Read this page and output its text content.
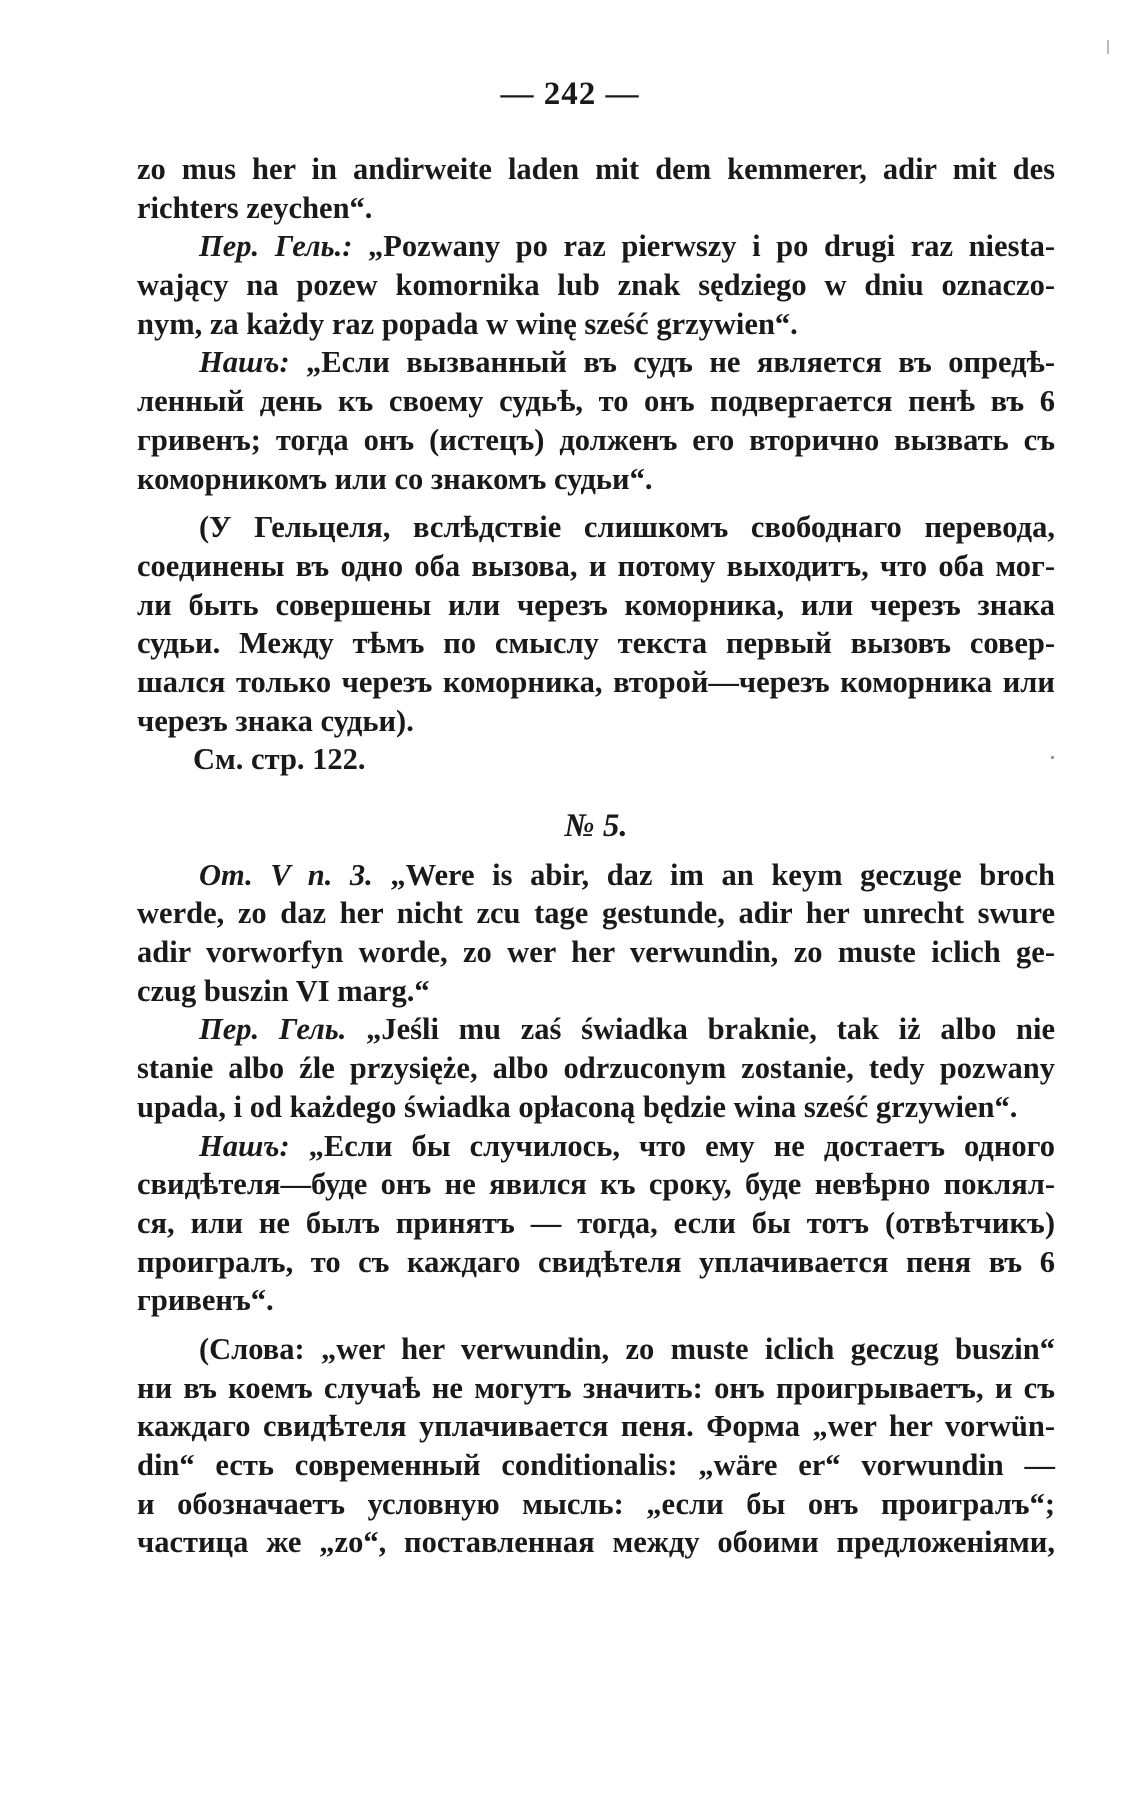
— 242 —
zo mus her in andirweite laden mit dem kemmerer, adir mit des
richters zeychen“.
Пер. Гель.: „Pozwany po raz pierwszy i po drugi raz niesta-
wający na pozew komornika lub znak sędziego w dniu oznaczo-
nym, za każdy raz popada w winę sześć grzywien“.
Нашъ: „Если вызванный въ судъ не является въ опредѣ-
ленный день къ своему судьѣ, то онъ подвергается пенѣ въ 6
гривенъ; тогда онъ (истецъ) долженъ его вторично вызвать съ
коморникомъ или со знакомъ судьи“.
(У Гельцеля, вслѣдствіе слишкомъ свободнаго перевода,
соединены въ одно оба вызова, и потому выходитъ, что оба мог-
ли быть совершены или черезъ коморника, или черезъ знака
судьи. Между тѣмъ по смыслу текста первый вызовъ совер-
шался только черезъ коморника, второй—черезъ коморника или
черезъ знака судьи).
См. стр. 122.
№ 5.
От. V n. 3. „Were is abir, daz im an keym geczuge broch
werde, zo daz her nicht zcu tage gestunde, adir her unrecht swure
adir vorworfyn worde, zo wer her verwundin, zo muste iclich ge-
czug buszin VI marg.“
Пер. Гель. „Jeśli mu zaś świadka braknie, tak iż albo nie
stanie albo źle przysięże, albo odrzuconym zostanie, tedy pozwany
upada, i od każdego świadka opłaconą będzie wina sześć grzywien“.
Нашъ: „Если бы случилось, что ему не достаетъ одного
свидѣтеля—буде онъ не явился къ сроку, буде невѣрно поклял-
ся, или не былъ принятъ — тогда, если бы тотъ (отвѣтчикъ)
проигралъ, то съ каждаго свидѣтеля уплачивается пеня въ 6
гривенъ“.
(Слова: „wer her verwundin, zo muste iclich geczug buszin“
ни въ коемъ случаѣ не могутъ значить: онъ проигрываетъ, и съ
каждаго свидѣтеля уплачивается пеня. Форма „wer her vorwün-
din“ есть современный conditionalis: „wäre er“ vorwundin —
и обозначаетъ условную мысль: „если бы онъ проигралъ“;
частица же „zo“, поставленная между обоими предложеніями,
